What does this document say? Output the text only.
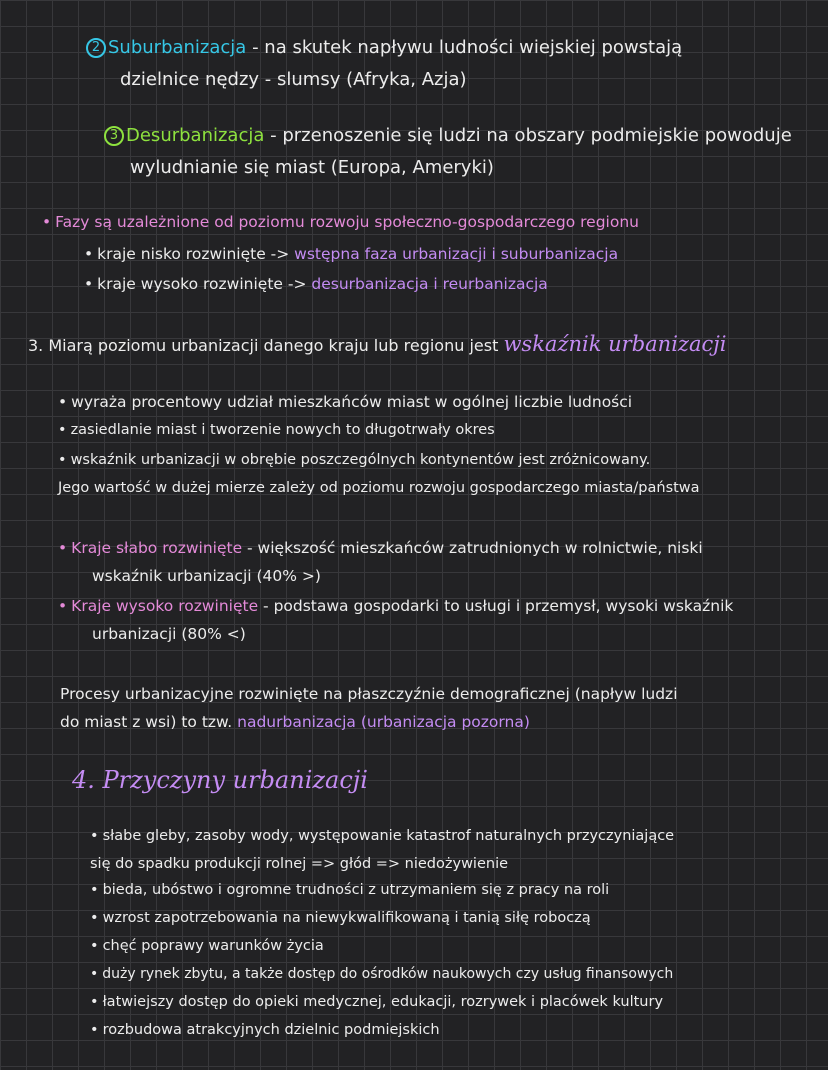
2 Suburbanizacja - na skutek napływu ludności wiejskiej powstają
dzielnice nędzy - slumsy (Afryka, Azja)
3 Desurbanizacja - przenoszenie się ludzi na obszary podmiejskie powoduje
wyludnianie się miast (Europa, Ameryki)
• Fazy są uzależnione od poziomu rozwoju społeczno-gospodarczego regionu
• kraje nisko rozwinięte -> wstępna faza urbanizacji i suburbanizacja
• kraje wysoko rozwinięte -> desurbanizacja i reurbanizacja
3. Miarą poziomu urbanizacji danego kraju lub regionu jest wskaźnik urbanizacji
• wyraża procentowy udział mieszkańców miast w ogólnej liczbie ludności
• zasiedlanie miast i tworzenie nowych to długotrwały okres
• wskaźnik urbanizacji w obrębie poszczególnych kontynentów jest zróżnicowany.
Jego wartość w dużej mierze zależy od poziomu rozwoju gospodarczego miasta/państwa
• Kraje słabo rozwinięte - większość mieszkańców zatrudnionych w rolnictwie, niski
wskaźnik urbanizacji (40% >)
• Kraje wysoko rozwinięte - podstawa gospodarki to usługi i przemysł, wysoki wskaźnik
urbanizacji (80% <)
Procesy urbanizacyjne rozwinięte na płaszczyźnie demograficznej (napływ ludzi
do miast z wsi) to tzw. nadurbanizacja (urbanizacja pozorna)
4. Przyczyny urbanizacji
• słabe gleby, zasoby wody, występowanie katastrof naturalnych przyczyniające
się do spadku produkcji rolnej => głód => niedożywienie
• bieda, ubóstwo i ogromne trudności z utrzymaniem się z pracy na roli
• wzrost zapotrzebowania na niewykwalifikowaną i tanią siłę roboczą
• chęć poprawy warunków życia
• duży rynek zbytu, a także dostęp do ośrodków naukowych czy usług finansowych
• łatwiejszy dostęp do opieki medycznej, edukacji, rozrywek i placówek kultury
• rozbudowa atrakcyjnych dzielnic podmiejskich
